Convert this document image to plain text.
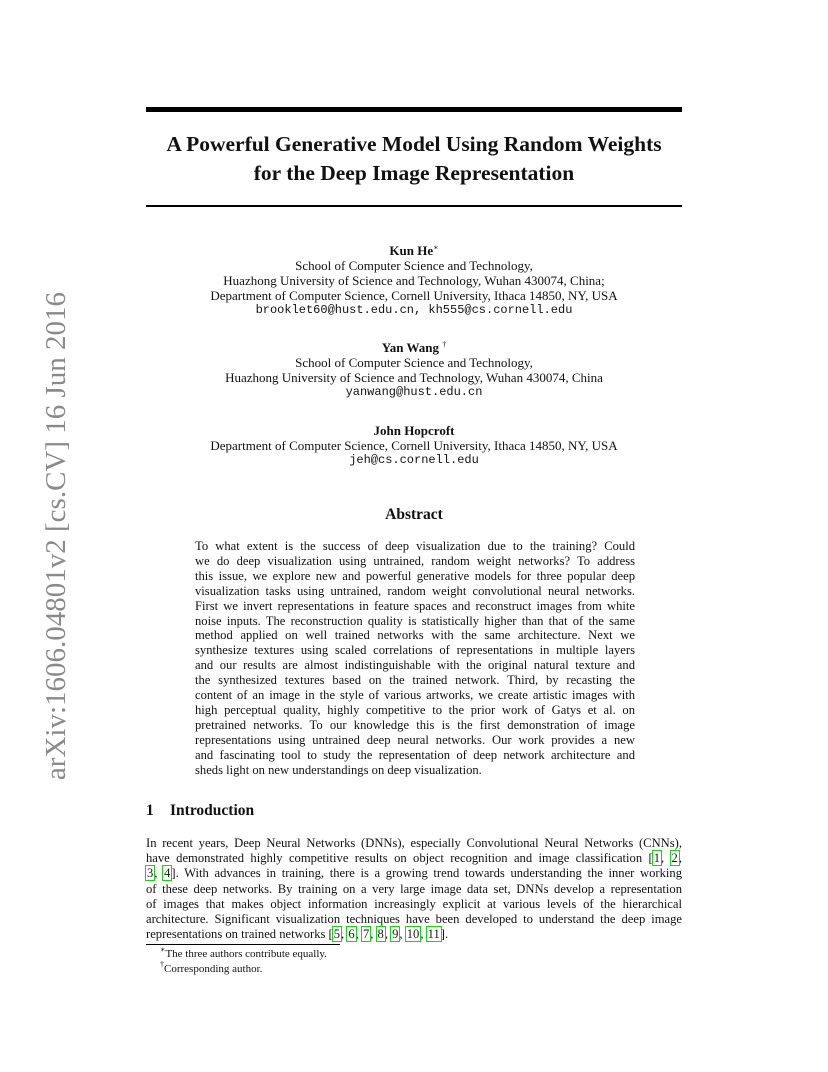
arXiv:1606.04801v2 [cs.CV] 16 Jun 2016
A Powerful Generative Model Using Random Weights
for the Deep Image Representation
Kun He∗
School of Computer Science and Technology,
Huazhong University of Science and Technology, Wuhan 430074, China;
Department of Computer Science, Cornell University, Ithaca 14850, NY, USA
brooklet60@hust.edu.cn, kh555@cs.cornell.edu
Yan Wang †
School of Computer Science and Technology,
Huazhong University of Science and Technology, Wuhan 430074, China
yanwang@hust.edu.cn
John Hopcroft
Department of Computer Science, Cornell University, Ithaca 14850, NY, USA
jeh@cs.cornell.edu
Abstract
To what extent is the success of deep visualization due to the training? Could
we do deep visualization using untrained, random weight networks? To address
this issue, we explore new and powerful generative models for three popular deep
visualization tasks using untrained, random weight convolutional neural networks.
First we invert representations in feature spaces and reconstruct images from white
noise inputs. The reconstruction quality is statistically higher than that of the same
method applied on well trained networks with the same architecture. Next we
synthesize textures using scaled correlations of representations in multiple layers
and our results are almost indistinguishable with the original natural texture and
the synthesized textures based on the trained network. Third, by recasting the
content of an image in the style of various artworks, we create artistic images with
high perceptual quality, highly competitive to the prior work of Gatys et al. on
pretrained networks. To our knowledge this is the first demonstration of image
representations using untrained deep neural networks. Our work provides a new
and fascinating tool to study the representation of deep network architecture and
sheds light on new understandings on deep visualization.
1 Introduction
In recent years, Deep Neural Networks (DNNs), especially Convolutional Neural Networks (CNNs),
have demonstrated highly competitive results on object recognition and image classification [1, 2,
3, 4]. With advances in training, there is a growing trend towards understanding the inner working
of these deep networks. By training on a very large image data set, DNNs develop a representation
of images that makes object information increasingly explicit at various levels of the hierarchical
architecture. Significant visualization techniques have been developed to understand the deep image
representations on trained networks [5, 6, 7, 8, 9, 10, 11].
∗The three authors contribute equally.
†Corresponding author.
